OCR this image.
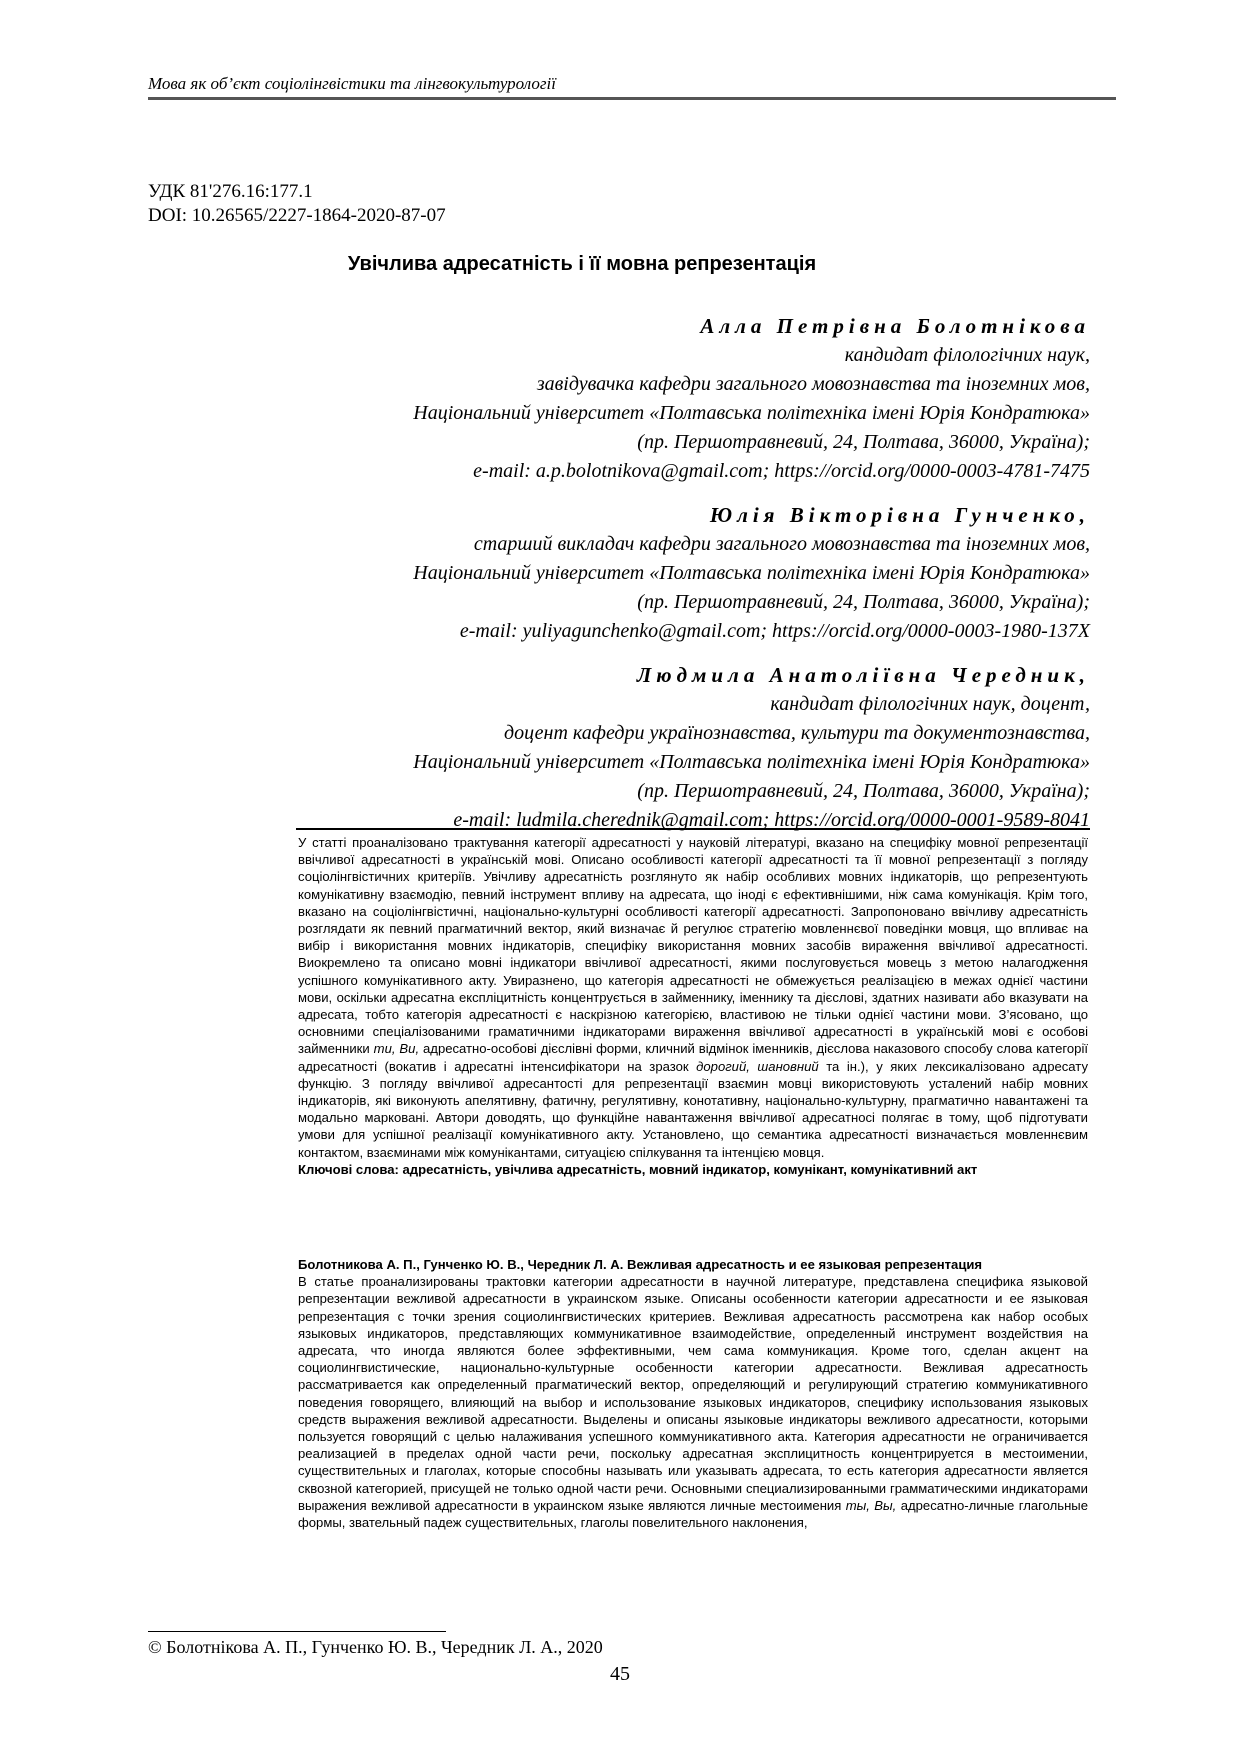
Мова як об’єкт соціолінгвістики та лінгвокультурології
УДК 81'276.16:177.1
DOI: 10.26565/2227-1864-2020-87-07
Увічлива адресатність і її мовна репрезентація
Алла Петрівна Болотнікова
кандидат філологічних наук,
завідувачка кафедри загального мовознавства та іноземних мов,
Національний університет «Полтавська політехніка імені Юрія Кондратюка»
(пр. Першотравневий, 24, Полтава, 36000, Україна);
e-mail: a.p.bolotnikova@gmail.com; https://orcid.org/0000-0003-4781-7475
Юлія Вікторівна Гунченко,
старший викладач кафедри загального мовознавства та іноземних мов,
Національний університет «Полтавська політехніка імені Юрія Кондратюка»
(пр. Першотравневий, 24, Полтава, 36000, Україна);
e-mail: yuliyagunchenko@gmail.com; https://orcid.org/0000-0003-1980-137X
Людмила Анатоліївна Чередник,
кандидат філологічних наук, доцент,
доцент кафедри українознавства, культури та документознавства,
Національний університет «Полтавська політехніка імені Юрія Кондратюка»
(пр. Першотравневий, 24, Полтава, 36000, Україна);
e-mail: ludmila.cherednik@gmail.com; https://orcid.org/0000-0001-9589-8041

У статті проаналізовано трактування категорії адресатності у науковій літературі, вказано на специфіку мовної репрезентації ввічливої адресатності в українській мові. Описано особливості категорії адресатності та її мовної репрезентації з погляду соціолінгвістичних критеріїв. Увічливу адресатність розглянуто як набір особливих мовних індикаторів, що репрезентують комунікативну взаємодію, певний інструмент впливу на адресата, що іноді є ефективнішими, ніж сама комунікація. Крім того, вказано на соціолінгвістичні, національно-культурні особливості категорії адресатності. Запропоновано ввічливу адресатність розглядати як певний прагматичний вектор, який визначає й регулює стратегію мовленнєвої поведінки мовця, що впливає на вибір і використання мовних індикаторів, специфіку використання мовних засобів вираження ввічливої адресатності. Виокремлено та описано мовні індикатори ввічливої адресатності, якими послуговується мовець з метою налагодження успішного комунікативного акту. Увиразнено, що категорія адресатності не обмежується реалізацією в межах однієї частини мови, оскільки адресатна експліцитність концентрується в займеннику, іменнику та дієслові, здатних називати або вказувати на адресата, тобто категорія адресатності є наскрізною категорією, властивою не тільки однієї частини мови. З’ясовано, що основними спеціалізованими граматичними індикаторами вираження ввічливої адресатності в українській мові є особові займенники ти, Ви, адресатно-особові дієслівні форми, кличний відмінок іменників, дієслова наказового способу слова категорії адресатності (вокатив і адресатні інтенсифікатори на зразок дорогий, шановний та ін.), у яких лексикалізовано адресату функцію. З погляду ввічливої адресантості для репрезентації взаємин мовці використовують усталений набір мовних індикаторів, які виконують апелятивну, фатичну, регулятивну, конотативну, національно-культурну, прагматично навантажені та модально марковані. Автори доводять, що функційне навантаження ввічливої адресатносі полягає в тому, щоб підготувати умови для успішної реалізації комунікативного акту. Установлено, що семантика адресатності визначається мовленнєвим контактом, взаєминами між комунікантами, ситуацією спілкування та інтенцією мовця.

Ключові слова: адресатність, увічлива адресатність, мовний індикатор, комунікант, комунікативний акт

Болотникова А. П., Гунченко Ю. В., Чередник Л. А. Вежливая адресатность и ее языковая репрезентация

В статье проанализированы трактовки категории адресатности в научной литературе, представлена специфика языковой репрезентации вежливой адресатности в украинском языке. Описаны особенности категории адресатности и ее языковая репрезентация с точки зрения социолингвистических критериев. Вежливая адресатность рассмотрена как набор особых языковых индикаторов, представляющих коммуникативное взаимодействие, определенный инструмент воздействия на адресата, что иногда являются более эффективными, чем сама коммуникация. Кроме того, сделан акцент на социолингвистические, национально-культурные особенности категории адресатности. Вежливая адресатность рассматривается как определенный прагматический вектор, определяющий и регулирующий стратегию коммуникативного поведения говорящего, влияющий на выбор и использование языковых индикаторов, специфику использования языковых средств выражения вежливой адресатности. Выделены и описаны языковые индикаторы вежливого адресатности, которыми пользуется говорящий с целью налаживания успешного коммуникативного акта. Категория адресатности не ограничивается реализацией в пределах одной части речи, поскольку адресатная эксплицитность концентрируется в местоимении, существительных и глаголах, которые способны называть или указывать адресата, то есть категория адресатности является сквозной категорией, присущей не только одной части речи. Основными специализированными грамматическими индикаторами выражения вежливой адресатности в украинском языке являются личные местоимения ты, Вы, адресатно-личные глагольные формы, звательный падеж существительных, глаголы повелительного наклонения,

© Болотнікова А. П., Гунченко Ю. В., Чередник Л. А., 2020
45
